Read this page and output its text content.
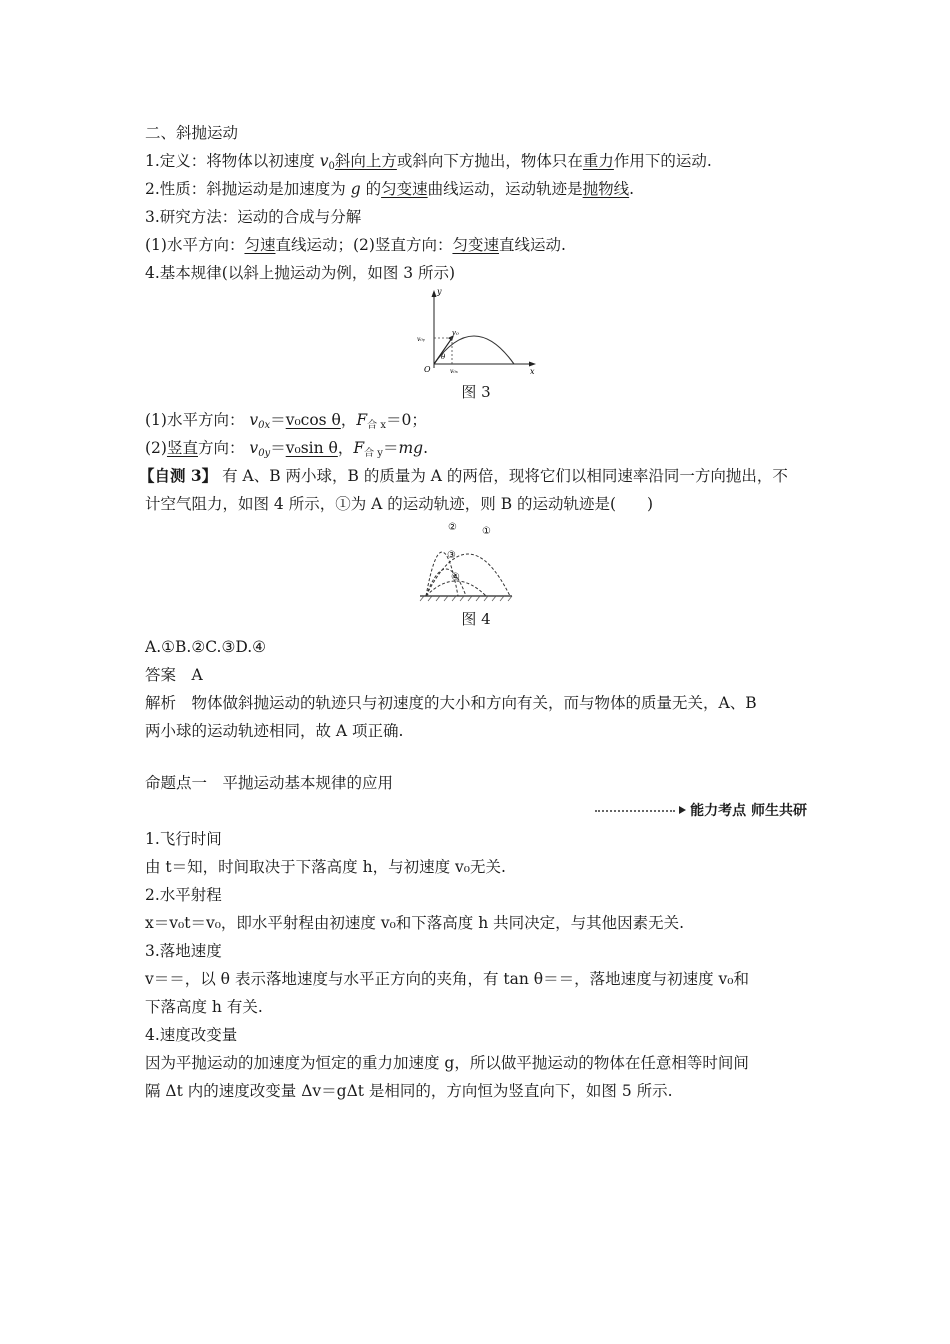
二、斜抛运动
1.定义：将物体以初速度 $v_0$斜向上方或斜向下方抛出，物体只在重力作用下的运动.
2.性质：斜抛运动是加速度为 g 的匀变速曲线运动，运动轨迹是抛物线.
3.研究方法：运动的合成与分解
(1)水平方向：匀速直线运动；(2)竖直方向：匀变速直线运动.
4.基本规律(以斜上抛运动为例，如图 3 所示)
y
x
O
v₀
v₀ᵧ
v₀ₓ
θ
图 3
(1)水平方向： $v_{0x}=v_0\cos$ θ，$F_{合 x}=0$；
(2)竖直方向： $v_{0y}=v_0\sin$ θ，$F_{合 y}=mg$.
【自测 3】 有 A、B 两小球，B 的质量为 A 的两倍，现将它们以相同速率沿同一方向抛出，不
计空气阻力，如图 4 所示，①为 A 的运动轨迹，则 B 的运动轨迹是(　　)
①
②
③
④
图 4
A.①B.②C.③D.④
答案　A
解析　物体做斜抛运动的轨迹只与初速度的大小和方向有关，而与物体的质量无关，A、B
两小球的运动轨迹相同，故 A 项正确.
命题点一　平抛运动基本规律的应用
能力考点 师生共研
1.飞行时间
由 t＝知，时间取决于下落高度 h，与初速度 v₀无关.
2.水平射程
x＝v₀t＝v₀，即水平射程由初速度 v₀和下落高度 h 共同决定，与其他因素无关.
3.落地速度
v＝＝，以 θ 表示落地速度与水平正方向的夹角，有 tan θ＝＝，落地速度与初速度 v₀和
下落高度 h 有关.
4.速度改变量
因为平抛运动的加速度为恒定的重力加速度 g，所以做平抛运动的物体在任意相等时间间
隔 Δt 内的速度改变量 Δv＝gΔt 是相同的，方向恒为竖直向下，如图 5 所示.
